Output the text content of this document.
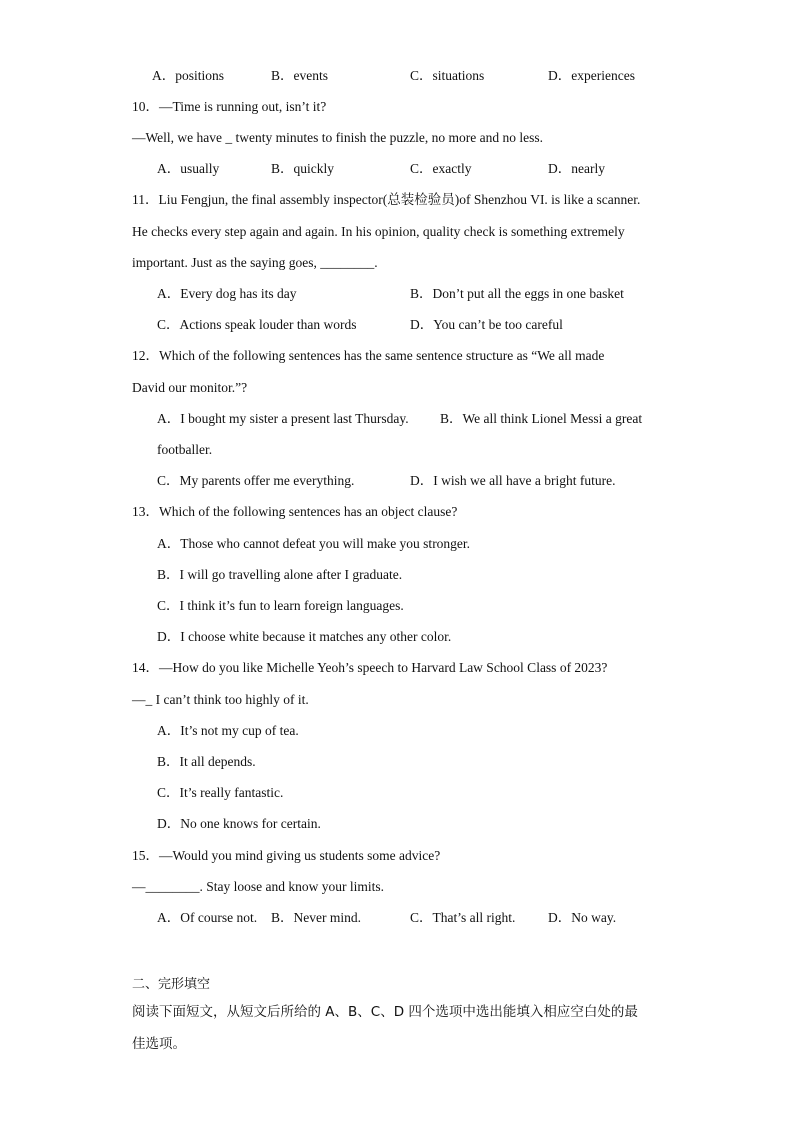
A．positions	B．events	C．situations	D．experiences
10．—Time is running out, isn’t it?
—Well, we have _ twenty minutes to finish the puzzle, no more and no less.
A．usually	B．quickly	C．exactly	D．nearly
11．Liu Fengjun, the final assembly inspector(总装检验员)of Shenzhou VI. is like a scanner.
He checks every step again and again. In his opinion, quality check is something extremely
important. Just as the saying goes, ________.
A．Every dog has its day	B．Don’t put all the eggs in one basket
C．Actions speak louder than words	D．You can’t be too careful
12．Which of the following sentences has the same sentence structure as “We all made
David our monitor.”?
A．I bought my sister a present last Thursday. B．We all think Lionel Messi a great
footballer.
C．My parents offer me everything.	D．I wish we all have a bright future.
13．Which of the following sentences has an object clause?
A．Those who cannot defeat you will make you stronger.
B．I will go travelling alone after I graduate.
C．I think it’s fun to learn foreign languages.
D．I choose white because it matches any other color.
14．—How do you like Michelle Yeoh’s speech to Harvard Law School Class of 2023?
—_ I can’t think too highly of it.
A．It’s not my cup of tea.
B．It all depends.
C．It’s really fantastic.
D．No one knows for certain.
15．—Would you mind giving us students some advice?
—________. Stay loose and know your limits.
A．Of course not. B．Never mind.	C．That’s all right. D．No way.
二、完形填空
阅读下面短文，从短文后所给的 A、B、C、D 四个选项中选出能填入相应空白处的最
佳选项。
